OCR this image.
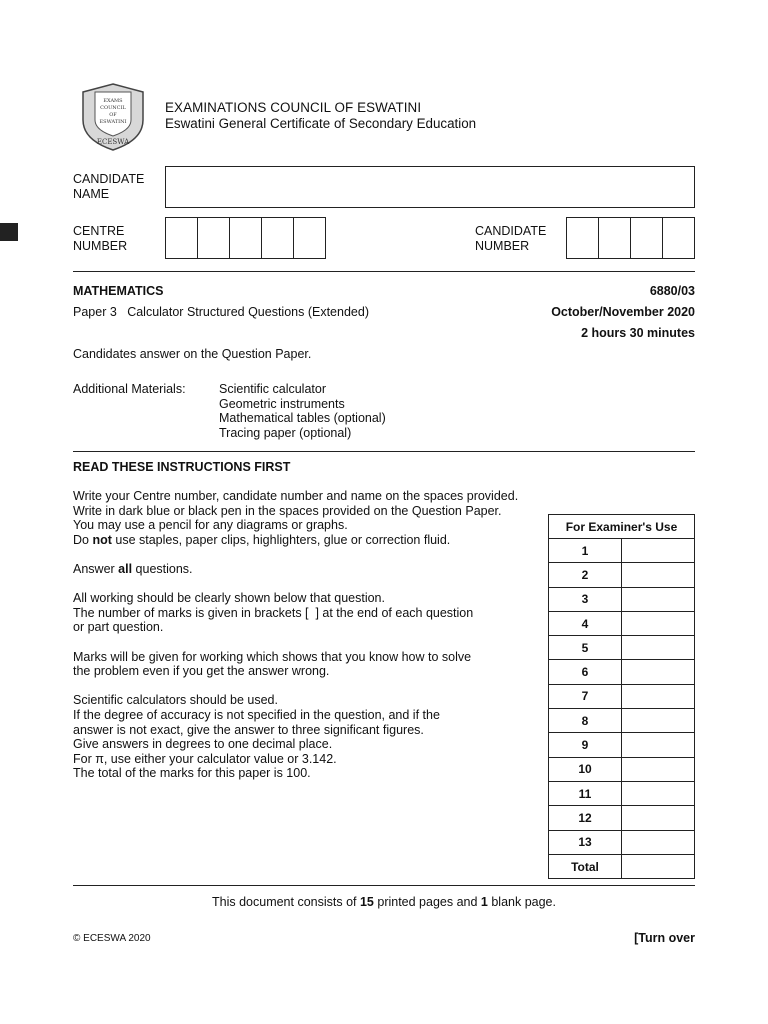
EXAMS
COUNCIL
OF
ESWATINI
ECESWA
EXAMINATIONS COUNCIL OF ESWATINI
Eswatini General Certificate of Secondary Education
CANDIDATE
NAME
CENTRE
NUMBER
CANDIDATE
NUMBER
MATHEMATICS	6880/03
Paper 3   Calculator Structured Questions (Extended)	October/November 2020
2 hours 30 minutes
Candidates answer on the Question Paper.
Additional Materials:	Scientific calculator
Geometric instruments
Mathematical tables (optional)
Tracing paper (optional)
READ THESE INSTRUCTIONS FIRST
Write your Centre number, candidate number and name on the spaces provided.
Write in dark blue or black pen in the spaces provided on the Question Paper.
You may use a pencil for any diagrams or graphs.
Do not use staples, paper clips, highlighters, glue or correction fluid.
Answer all questions.
All working should be clearly shown below that question.
The number of marks is given in brackets [  ] at the end of each question
or part question.
Marks will be given for working which shows that you know how to solve
the problem even if you get the answer wrong.
Scientific calculators should be used.
If the degree of accuracy is not specified in the question, and if the
answer is not exact, give the answer to three significant figures.
Give answers in degrees to one decimal place.
For π, use either your calculator value or 3.142.
The total of the marks for this paper is 100.
For Examiner's Use	
1	
2	
3	
4	
5	
6	
7	
8	
9	
10	
11	
12	
13	
Total	
This document consists of 15 printed pages and 1 blank page.
© ECESWA 2020	[Turn over
